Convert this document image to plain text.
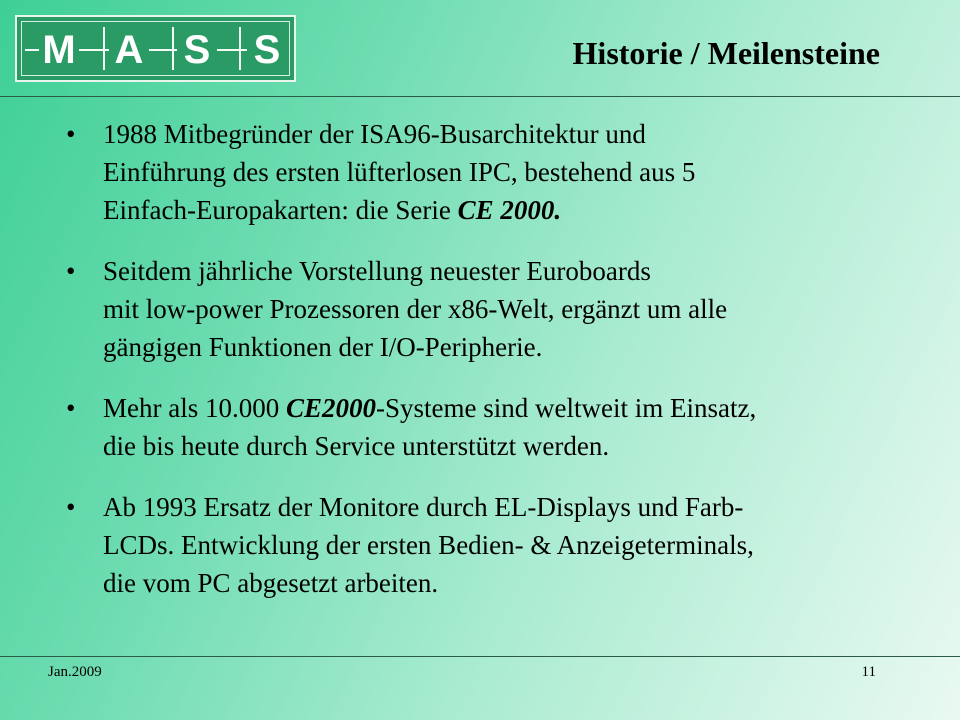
M A S S	Historie / Meilensteine
•	1988 Mitbegründer der ISA96-Busarchitektur und
Einführung des ersten lüfterlosen IPC, bestehend aus 5
Einfach-Europakarten: die Serie CE 2000.
•	Seitdem jährliche Vorstellung neuester Euroboards
mit low-power Prozessoren der x86-Welt, ergänzt um alle
gängigen Funktionen der I/O-Peripherie.
•	Mehr als 10.000 CE2000-Systeme sind weltweit im Einsatz,
die bis heute durch Service unterstützt werden.
•	Ab 1993 Ersatz der Monitore durch EL-Displays und Farb-
LCDs. Entwicklung der ersten Bedien- & Anzeigeterminals,
die vom PC abgesetzt arbeiten.
Jan.2009	11
